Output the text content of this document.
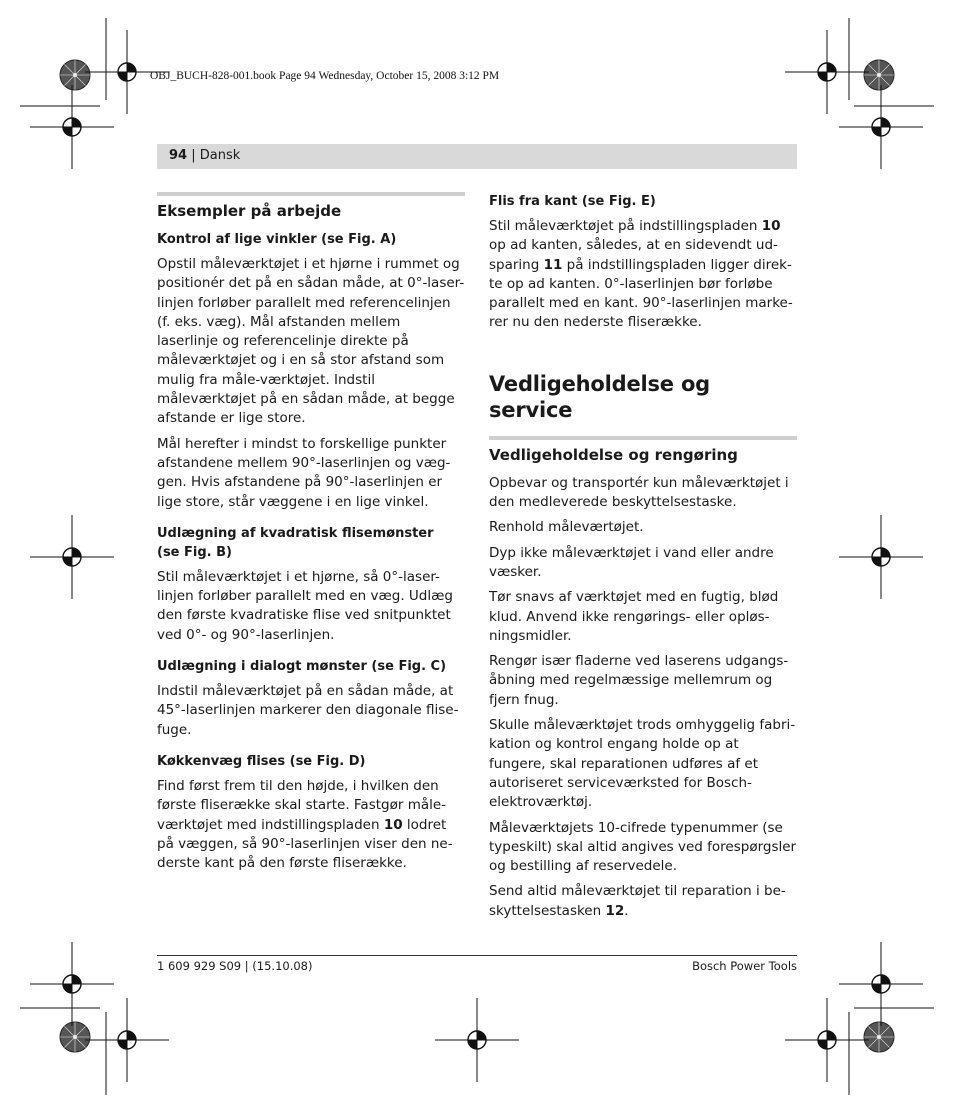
OBJ_BUCH-828-001.book Page 94 Wednesday, October 15, 2008 3:12 PM
94 | Dansk
Eksempler på arbejde
Kontrol af lige vinkler (se Fig. A)

Opstil måleværktøjet i et hjørne i rummet og positionér det på en sådan måde, at 0°-laser-linjen forløber parallelt med referencelinjen (f. eks. væg). Mål afstanden mellem laserlinje og referencelinje direkte på måleværktøjet og i en så stor afstand som mulig fra måle-værktøjet. Indstil måleværktøjet på en sådan måde, at begge afstande er lige store.

Mål herefter i mindst to forskellige punkter afstandene mellem 90°-laserlinjen og væg-gen. Hvis afstandene på 90°-laserlinjen er lige store, står væggene i en lige vinkel.

Udlægning af kvadratisk flisemønster
(se Fig. B)

Stil måleværktøjet i et hjørne, så 0°-laser-linjen forløber parallelt med en væg. Udlæg den første kvadratiske flise ved snitpunktet ved 0°- og 90°-laserlinjen.

Udlægning i dialogt mønster (se Fig. C)

Indstil måleværktøjet på en sådan måde, at 45°-laserlinjen markerer den diagonale flise-fuge.

Køkkenvæg flises (se Fig. D)

Find først frem til den højde, i hvilken den første fliserække skal starte. Fastgør måle-værktøjet med indstillingspladen 10 lodret på væggen, så 90°-laserlinjen viser den ne-derste kant på den første fliserække.

Flis fra kant (se Fig. E)

Stil måleværktøjet på indstillingspladen 10 op ad kanten, således, at en sidevendt ud-sparing 11 på indstillingspladen ligger direk-te op ad kanten. 0°-laserlinjen bør forløbe parallelt med en kant. 90°-laserlinjen marke-rer nu den nederste fliserække.

Vedligeholdelse og service
Vedligeholdelse og rengøring

Opbevar og transportér kun måleværktøjet i den medleverede beskyttelsestaske.

Renhold måleværtøjet.

Dyp ikke måleværktøjet i vand eller andre væsker.

Tør snavs af værktøjet med en fugtig, blød klud. Anvend ikke rengørings- eller opløs-ningsmidler.

Rengør især fladerne ved laserens udgangs-åbning med regelmæssige mellemrum og fjern fnug.

Skulle måleværktøjet trods omhyggelig fabri-kation og kontrol engang holde op at fungere, skal reparationen udføres af et autoriseret serviceværksted for Bosch-elektroværktøj.

Måleværktøjets 10-cifrede typenummer (se typeskilt) skal altid angives ved forespørgsler og bestilling af reservedele.

Send altid måleværktøjet til reparation i be-skyttelsestasken 12.

1 609 929 S09 | (15.10.08)	Bosch Power Tools
